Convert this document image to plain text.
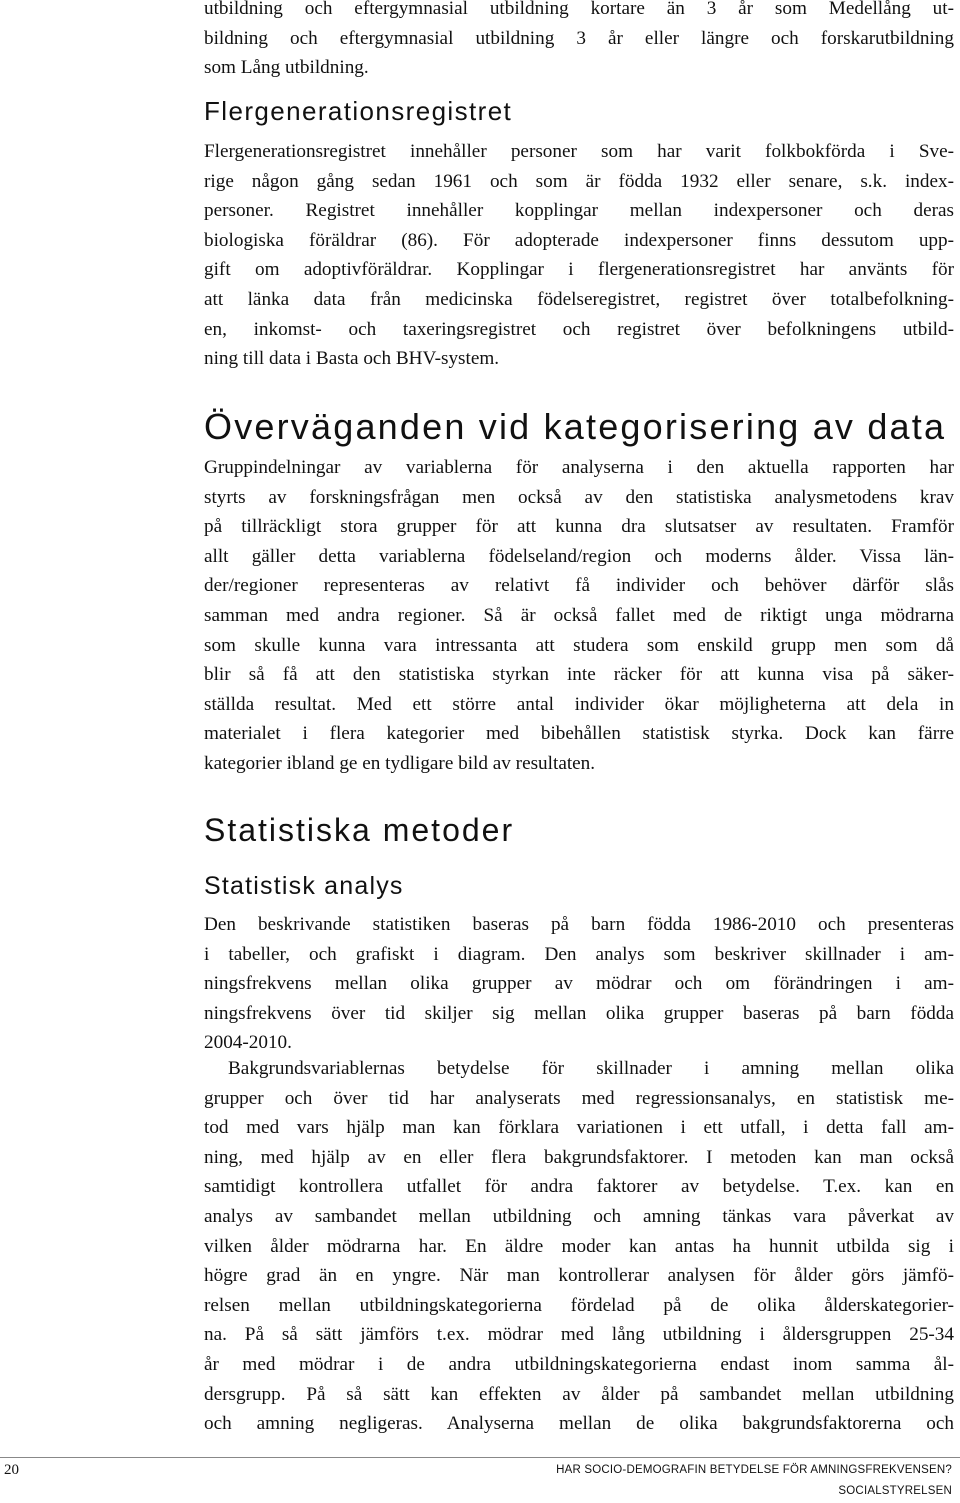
utbildning och eftergymnasial utbildning kortare än 3 år som Medellång ut-
bildning och eftergymnasial utbildning 3 år eller längre och forskarutbildning
som Lång utbildning.
Flergenerationsregistret
Flergenerationsregistret innehåller personer som har varit folkbokförda i Sve-
rige någon gång sedan 1961 och som är födda 1932 eller senare, s.k. index-
personer. Registret innehåller kopplingar mellan indexpersoner och deras
biologiska föräldrar (86). För adopterade indexpersoner finns dessutom upp-
gift om adoptivföräldrar. Kopplingar i flergenerationsregistret har använts för
att länka data från medicinska födelseregistret, registret över totalbefolkning-
en, inkomst- och taxeringsregistret och registret över befolkningens utbild-
ning till data i Basta och BHV-system.
Överväganden vid kategorisering av data
Gruppindelningar av variablerna för analyserna i den aktuella rapporten har
styrts av forskningsfrågan men också av den statistiska analysmetodens krav
på tillräckligt stora grupper för att kunna dra slutsatser av resultaten. Framför
allt gäller detta variablerna födelseland/region och moderns ålder. Vissa län-
der/regioner representeras av relativt få individer och behöver därför slås
samman med andra regioner. Så är också fallet med de riktigt unga mödrarna
som skulle kunna vara intressanta att studera som enskild grupp men som då
blir så få att den statistiska styrkan inte räcker för att kunna visa på säker-
ställda resultat. Med ett större antal individer ökar möjligheterna att dela in
materialet i flera kategorier med bibehållen statistisk styrka. Dock kan färre
kategorier ibland ge en tydligare bild av resultaten.
Statistiska metoder
Statistisk analys
Den beskrivande statistiken baseras på barn födda 1986-2010 och presenteras
i tabeller, och grafiskt i diagram. Den analys som beskriver skillnader i am-
ningsfrekvens mellan olika grupper av mödrar och om förändringen i am-
ningsfrekvens över tid skiljer sig mellan olika grupper baseras på barn födda
2004-2010.
Bakgrundsvariablernas betydelse för skillnader i amning mellan olika
grupper och över tid har analyserats med regressionsanalys, en statistisk me-
tod med vars hjälp man kan förklara variationen i ett utfall, i detta fall am-
ning, med hjälp av en eller flera bakgrundsfaktorer. I metoden kan man också
samtidigt kontrollera utfallet för andra faktorer av betydelse. T.ex. kan en
analys av sambandet mellan utbildning och amning tänkas vara påverkat av
vilken ålder mödrarna har. En äldre moder kan antas ha hunnit utbilda sig i
högre grad än en yngre. När man kontrollerar analysen för ålder görs jämfö-
relsen mellan utbildningskategorierna fördelad på de olika ålderskategorier-
na. På så sätt jämförs t.ex. mödrar med lång utbildning i åldersgruppen 25-34
år med mödrar i de andra utbildningskategorierna endast inom samma ål-
dersgrupp. På så sätt kan effekten av ålder på sambandet mellan utbildning
och amning negligeras. Analyserna mellan de olika bakgrundsfaktorerna och
20	HAR SOCIO-DEMOGRAFIN BETYDELSE FÖR AMNINGSFREKVENSEN?
SOCIALSTYRELSEN
